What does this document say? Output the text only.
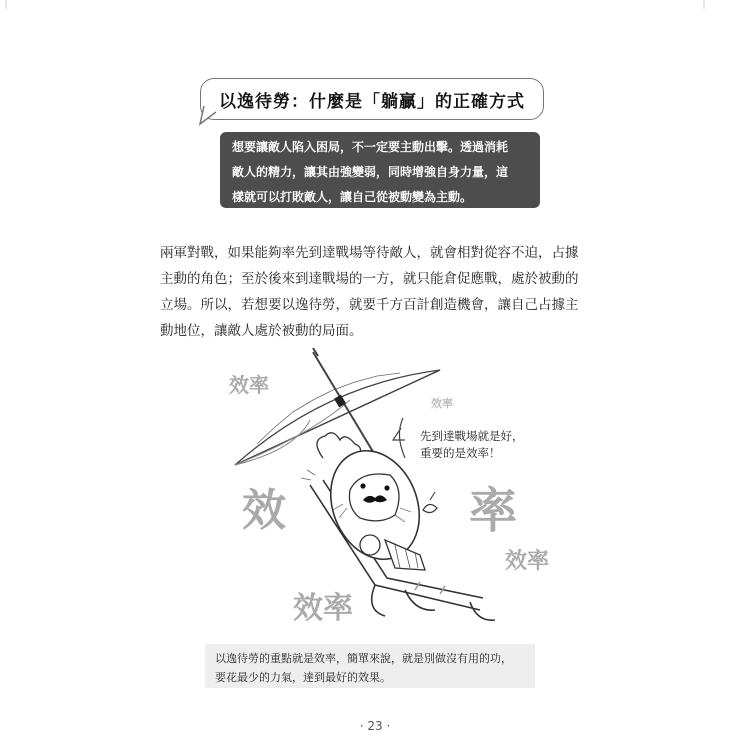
以逸待勞：什麼是「躺贏」的正確方式
想要讓敵人陷入困局，不一定要主動出擊。透過消耗
敵人的精力，讓其由強變弱，同時增強自身力量，這
樣就可以打敗敵人，讓自己從被動變為主動。
兩軍對戰，如果能夠率先到達戰場等待敵人，就會相對從容不迫，占據
主動的角色；至於後來到達戰場的一方，就只能倉促應戰，處於被動的
立場。所以，若想要以逸待勞，就要千方百計創造機會，讓自己占據主
動地位，讓敵人處於被動的局面。
先到達戰場就是好，
重要的是效率！
效率
效率
效	率
效率
效率
以逸待勞的重點就是效率，簡單來說，就是別做沒有用的功，
要花最少的力氣，達到最好的效果。
· 23 ·
